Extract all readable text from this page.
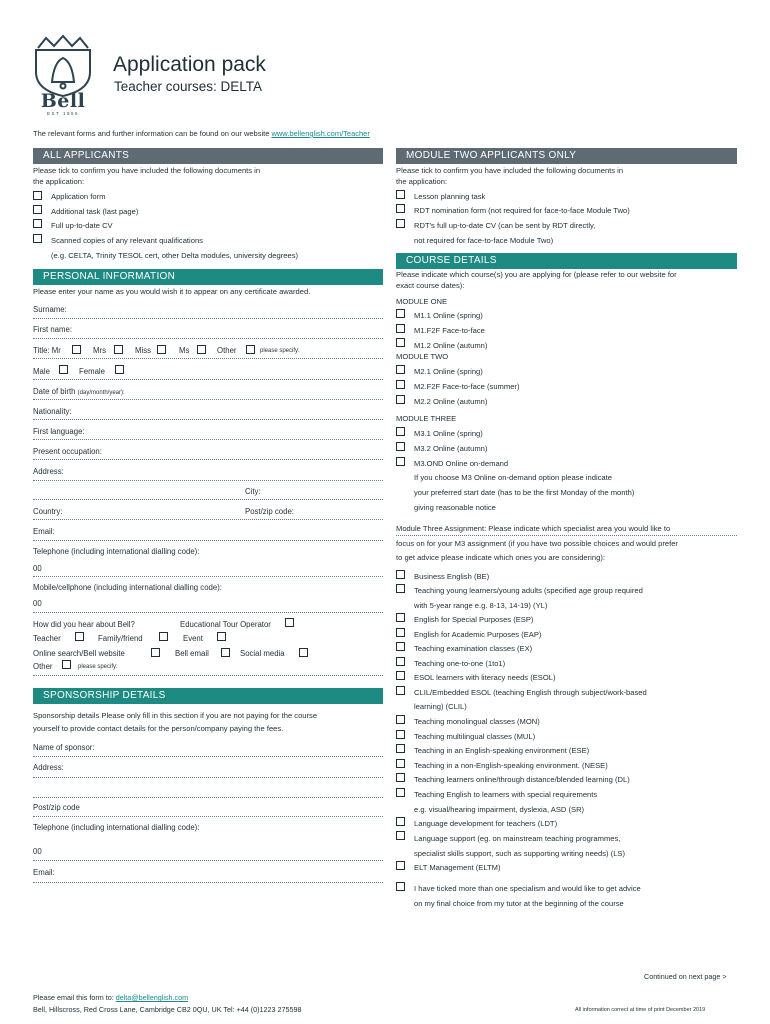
Bell
EST 1955
Application pack
Teacher courses: DELTA
The relevant forms and further information can be found on our website www.bellenglish.com/Teacher
ALL APPLICANTS
Please tick to confirm you have included the following documents in
the application:
Application form
Additional task (last page)
Full up-to-date CV
Scanned copies of any relevant qualifications
(e.g. CELTA, Trinity TESOL cert, other Delta modules, university degrees)
PERSONAL INFORMATION
Please enter your name as you would wish it to appear on any certificate awarded.
Surname:
First name:
Title: Mr	Mrs	Miss	Ms	Other	please specify:
Male	Female
Date of birth (day/month/year):
Nationality:
First language:
Present occupation:
Address:
City:
Country:	Post/zip code:
Email:
Telephone (including international dialling code):
00
Mobile/cellphone (including international dialling code):
00
How did you hear about Bell?	Educational Tour Operator
Teacher	Family/friend	Event
Online search/Bell website	Bell email	Social media
Other	please specify:
SPONSORSHIP DETAILS
Sponsorship details Please only fill in this section if you are not paying for the course
yourself to provide contact details for the person/company paying the fees.
Name of sponsor:
Address:
Post/zip code
Telephone (including international dialling code):
00
Email:
MODULE TWO APPLICANTS ONLY
Please tick to confirm you have included the following documents in
the application:
Lesson planning task
RDT nomination form (not required for face-to-face Module Two)
RDT's full up-to-date CV (can be sent by RDT directly,
not required for face-to-face Module Two)
COURSE DETAILS
Please indicate which course(s) you are applying for (please refer to our website for
exact course dates):
MODULE ONE
M1.1 Online (spring)
M1.F2F Face-to-face
M1.2 Online (autumn)
MODULE TWO
M2.1 Online (spring)
M2.F2F Face-to-face (summer)
M2.2 Online (autumn)
MODULE THREE
M3.1 Online (spring)
M3.2 Online (autumn)
M3.OND Online on-demand
If you choose M3 Online on-demand option please indicate
your preferred start date (has to be the first Monday of the month)
giving reasonable notice
Module Three Assignment: Please indicate which specialist area you would like to
focus on for your M3 assignment (if you have two possible choices and would prefer
to get advice please indicate which ones you are considering):
Business English (BE)
Teaching young learners/young adults (specified age group required
with 5-year range e.g. 8-13, 14-19) (YL)
English for Special Purposes (ESP)
English for Academic Purposes (EAP)
Teaching examination classes (EX)
Teaching one-to-one (1to1)
ESOL learners with literacy needs (ESOL)
CLIL/Embedded ESOL (teaching English through subject/work-based
learning) (CLIL)
Teaching monolingual classes (MON)
Teaching multilingual classes (MUL)
Teaching in an English-speaking environment (ESE)
Teaching in a non-English-speaking environment. (NESE)
Teaching learners online/through distance/blended learning (DL)
Teaching English to learners with special requirements
e.g. visual/hearing impairment, dyslexia, ASD (SR)
Language development for teachers (LDT)
Language support (eg. on mainstream teaching programmes,
specialist skills support, such as supporting writing needs) (LS)
ELT Management (ELTM)
I have ticked more than one specialism and would like to get advice
on my final choice from my tutor at the beginning of the course
Continued on next page >
Please email this form to: delta@bellenglish.com
Bell, Hillscross, Red Cross Lane, Cambridge CB2 0QU, UK Tel: +44 (0)1223 275598	All information correct at time of print December 2019
